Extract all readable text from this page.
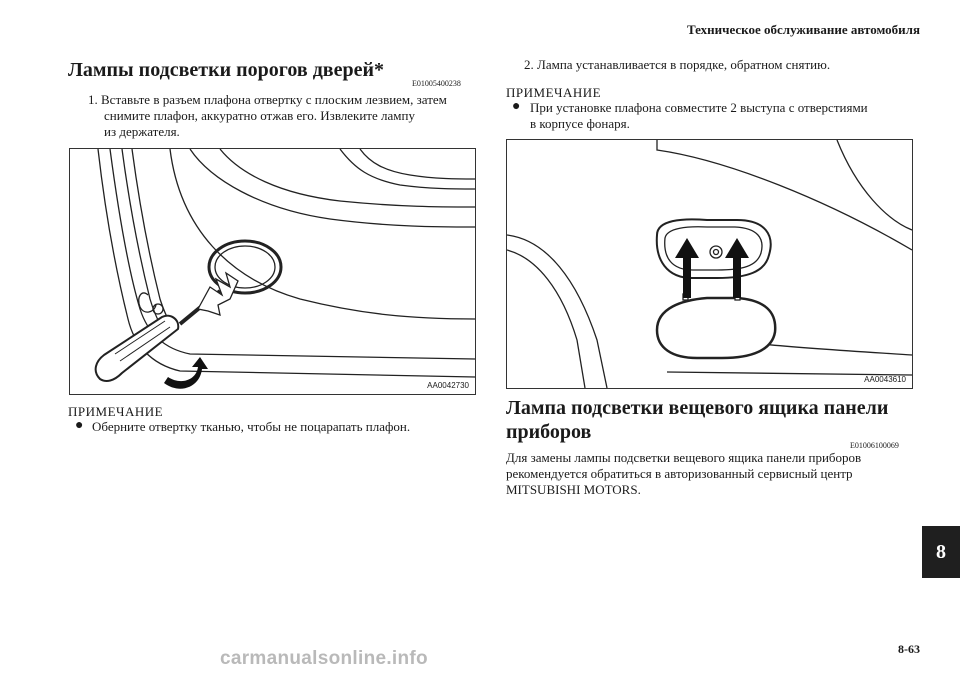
Техническое обслуживание автомобиля
Лампы подсветки порогов дверей*
E01005400238
1. Вставьте в разъем плафона отвертку с плоским лезвием, затем
снимите плафон, аккуратно отжав его. Извлеките лампу
из держателя.
AA0042730
ПРИМЕЧАНИЕ
● Оберните отвертку тканью, чтобы не поцарапать плафон.
2. Лампа устанавливается в порядке, обратном снятию.
ПРИМЕЧАНИЕ
● При установке плафона совместите 2 выступа с отверстиями
в корпусе фонаря.
AA0043610
Лампа подсветки вещевого ящика панели
приборов
E01006100069
Для замены лампы подсветки вещевого ящика панели приборов
рекомендуется обратиться в авторизованный сервисный центр
MITSUBISHI MOTORS.
8
8-63
carmanualsonline.info
